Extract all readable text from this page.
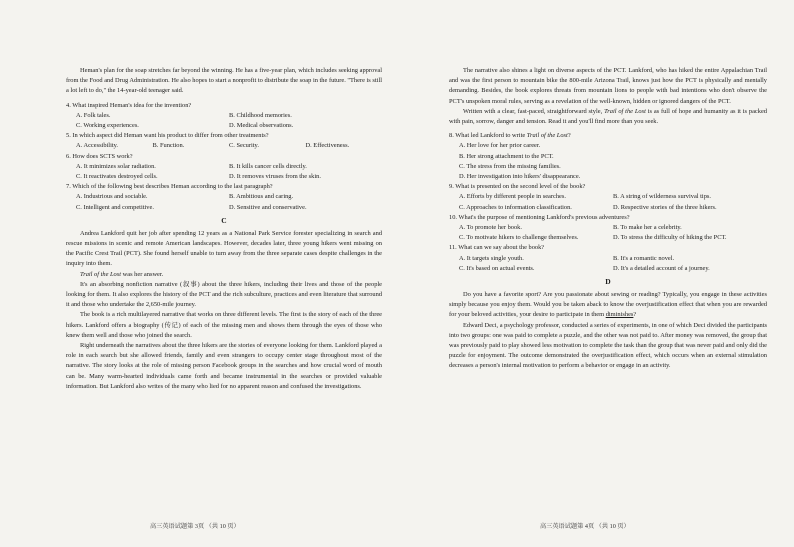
Heman's plan for the soap stretches far beyond the winning. He has a five-year plan, which includes seeking approval from the Food and Drug Administration. He also hopes to start a nonprofit to distribute the soap in the future. "There is still a lot left to do," the 14-year-old teenager said.

4. What inspired Heman's idea for the invention?

A. Folk tales.	B. Childhood memories.
C. Working experiences.	D. Medical observations.

5. In which aspect did Heman want his product to differ from other treatments?

A. Accessibility.	B. Function.	C. Security.	D. Effectiveness.

6. How does SCTS work?

A. It minimizes solar radiation.	B. It kills cancer cells directly.
C. It reactivates destroyed cells.	D. It removes viruses from the skin.

7. Which of the following best describes Heman according to the last paragraph?

A. Industrious and sociable.	B. Ambitious and caring.
C. Intelligent and competitive.	D. Sensitive and conservative.
C

Andrea Lankford quit her job after spending 12 years as a National Park Service forester specializing in search and rescue missions in scenic and remote American landscapes. However, decades later, three young hikers went missing on the Pacific Crest Trail (PCT). She found herself unable to turn away from the three separate cases despite challenges in the inquiry into them.

Trail of the Lost was her answer.

It's an absorbing nonfiction narrative (叙事) about the three hikers, including their lives and those of the people looking for them. It also explores the history of the PCT and the rich subculture, practices and even literature that surround it and those who undertake the 2,650-mile journey.

The book is a rich multilayered narrative that works on three different levels. The first is the story of each of the three hikers. Lankford offers a biography (传记) of each of the missing men and shows them through the eyes of those who knew them well and those who joined the search.

Right underneath the narratives about the three hikers are the stories of everyone looking for them. Lankford played a role in each search but she allowed friends, family and even strangers to occupy center stage throughout most of the narrative. The story looks at the role of missing person Facebook groups in the searches and how crucial word of mouth can be. Many warm-hearted individuals came forth and became instrumental in the searches or provided valuable information. But Lankford also writes of the many who lied for no apparent reason and confused the investigations.

高三英语试题第 3页 （共 10 页）

The narrative also shines a light on diverse aspects of the PCT. Lankford, who has hiked the entire Appalachian Trail and was the first person to mountain bike the 800-mile Arizona Trail, knows just how the PCT is physically and mentally demanding. Besides, the book explores threats from mountain lions to people with bad intentions who don't observe the PCT's unspoken moral rules, serving as a revelation of the well-known, hidden or ignored dangers of the PCT.

Written with a clear, fast-paced, straightforward style, Trail of the Lost is as full of hope and humanity as it is packed with pain, sorrow, danger and tension. Read it and you'll find more than you seek.

8. What led Lankford to write Trail of the Lost?

A. Her love for her prior career.
B. Her strong attachment to the PCT.
C. The stress from the missing families.
D. Her investigation into hikers' disappearance.

9. What is presented on the second level of the book?

A. Efforts by different people in searches.	B. A string of wilderness survival tips.
C. Approaches to information classification.	D. Respective stories of the three hikers.

10. What's the purpose of mentioning Lankford's previous adventures?

A. To promote her book.	B. To make her a celebrity.
C. To motivate hikers to challenge themselves.	D. To stress the difficulty of hiking the PCT.

11. What can we say about the book?

A. It targets single youth.	B. It's a romantic novel.
C. It's based on actual events.	D. It's a detailed account of a journey.
D

Do you have a favorite sport? Are you passionate about sewing or reading? Typically, you engage in these activities simply because you enjoy them. Would you be taken aback to know the overjustification effect that when you are rewarded for your beloved activities, your desire to participate in them diminishes?

Edward Deci, a psychology professor, conducted a series of experiments, in one of which Deci divided the participants into two groups: one was paid to complete a puzzle, and the other was not paid to. After money was removed, the group that was previously paid to play showed less motivation to complete the task than the group that was never paid and only did the puzzle for enjoyment. The outcome demonstrated the overjustification effect, which occurs when an external stimulation decreases a person's internal motivation to perform a behavior or engage in an activity.

高三英语试题第 4页 （共 10 页）
